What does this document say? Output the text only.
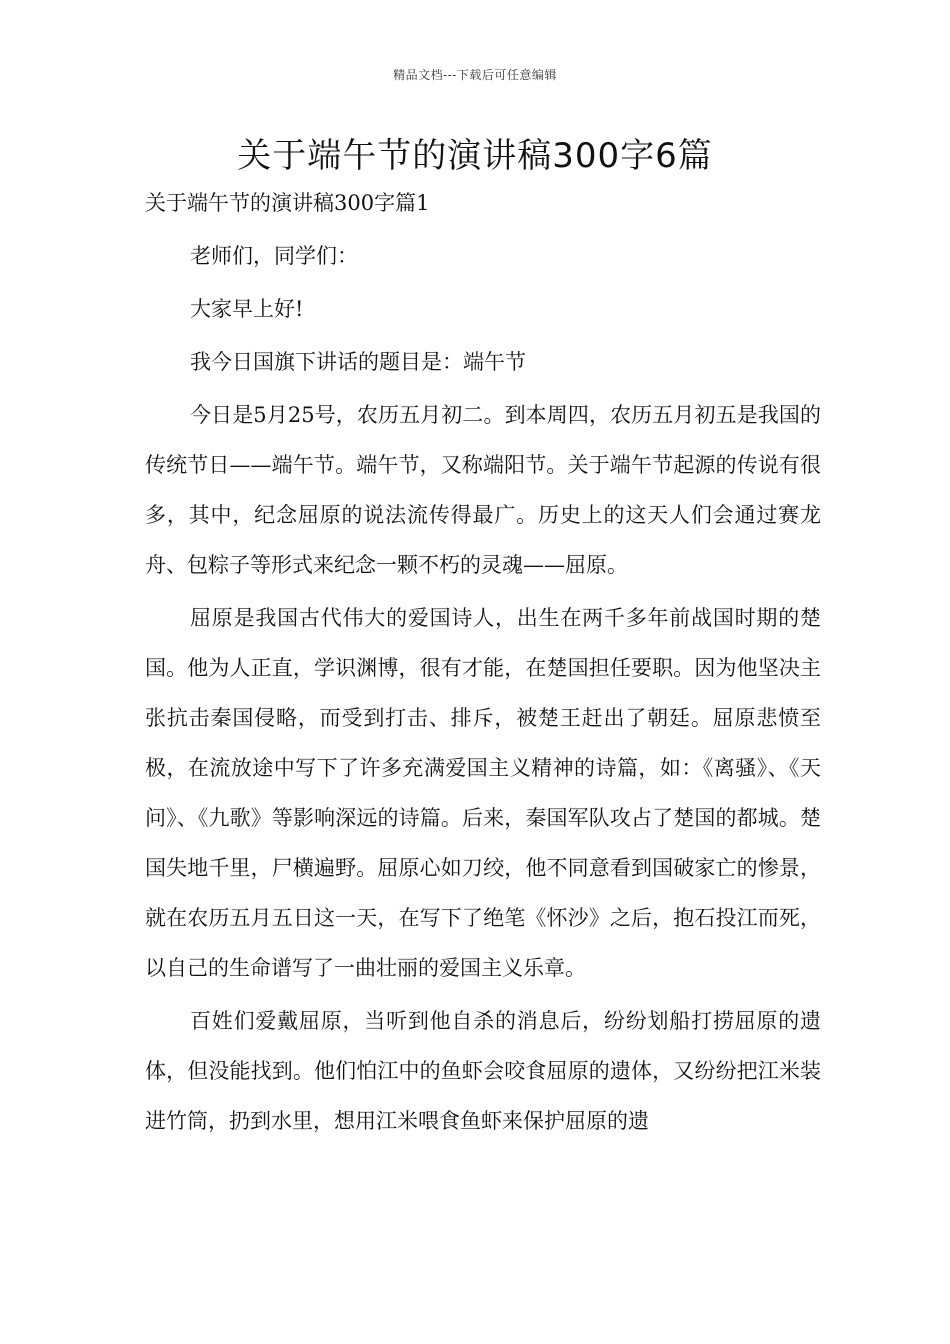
精品文档---下载后可任意编辑
关于端午节的演讲稿300字6篇
关于端午节的演讲稿300字篇1

老师们，同学们：

大家早上好!

我今日国旗下讲话的题目是：端午节

今日是5月25号，农历五月初二。到本周四，农历五月初五是我国的传统节日——端午节。端午节，又称端阳节。关于端午节起源的传说有很多，其中，纪念屈原的说法流传得最广。历史上的这天人们会通过赛龙舟、包粽子等形式来纪念一颗不朽的灵魂——屈原。

屈原是我国古代伟大的爱国诗人，出生在两千多年前战国时期的楚国。他为人正直，学识渊博，很有才能，在楚国担任要职。因为他坚决主张抗击秦国侵略，而受到打击、排斥，被楚王赶出了朝廷。屈原悲愤至极，在流放途中写下了许多充满爱国主义精神的诗篇，如：《离骚》、《天问》、《九歌》等影响深远的诗篇。后来，秦国军队攻占了楚国的都城。楚国失地千里，尸横遍野。屈原心如刀绞，他不同意看到国破家亡的惨景，就在农历五月五日这一天，在写下了绝笔《怀沙》之后，抱石投江而死，以自己的生命谱写了一曲壮丽的爱国主义乐章。

百姓们爱戴屈原，当听到他自杀的消息后，纷纷划船打捞屈原的遗体，但没能找到。他们怕江中的鱼虾会咬食屈原的遗体，又纷纷把江米装进竹筒，扔到水里，想用江米喂食鱼虾来保护屈原的遗
